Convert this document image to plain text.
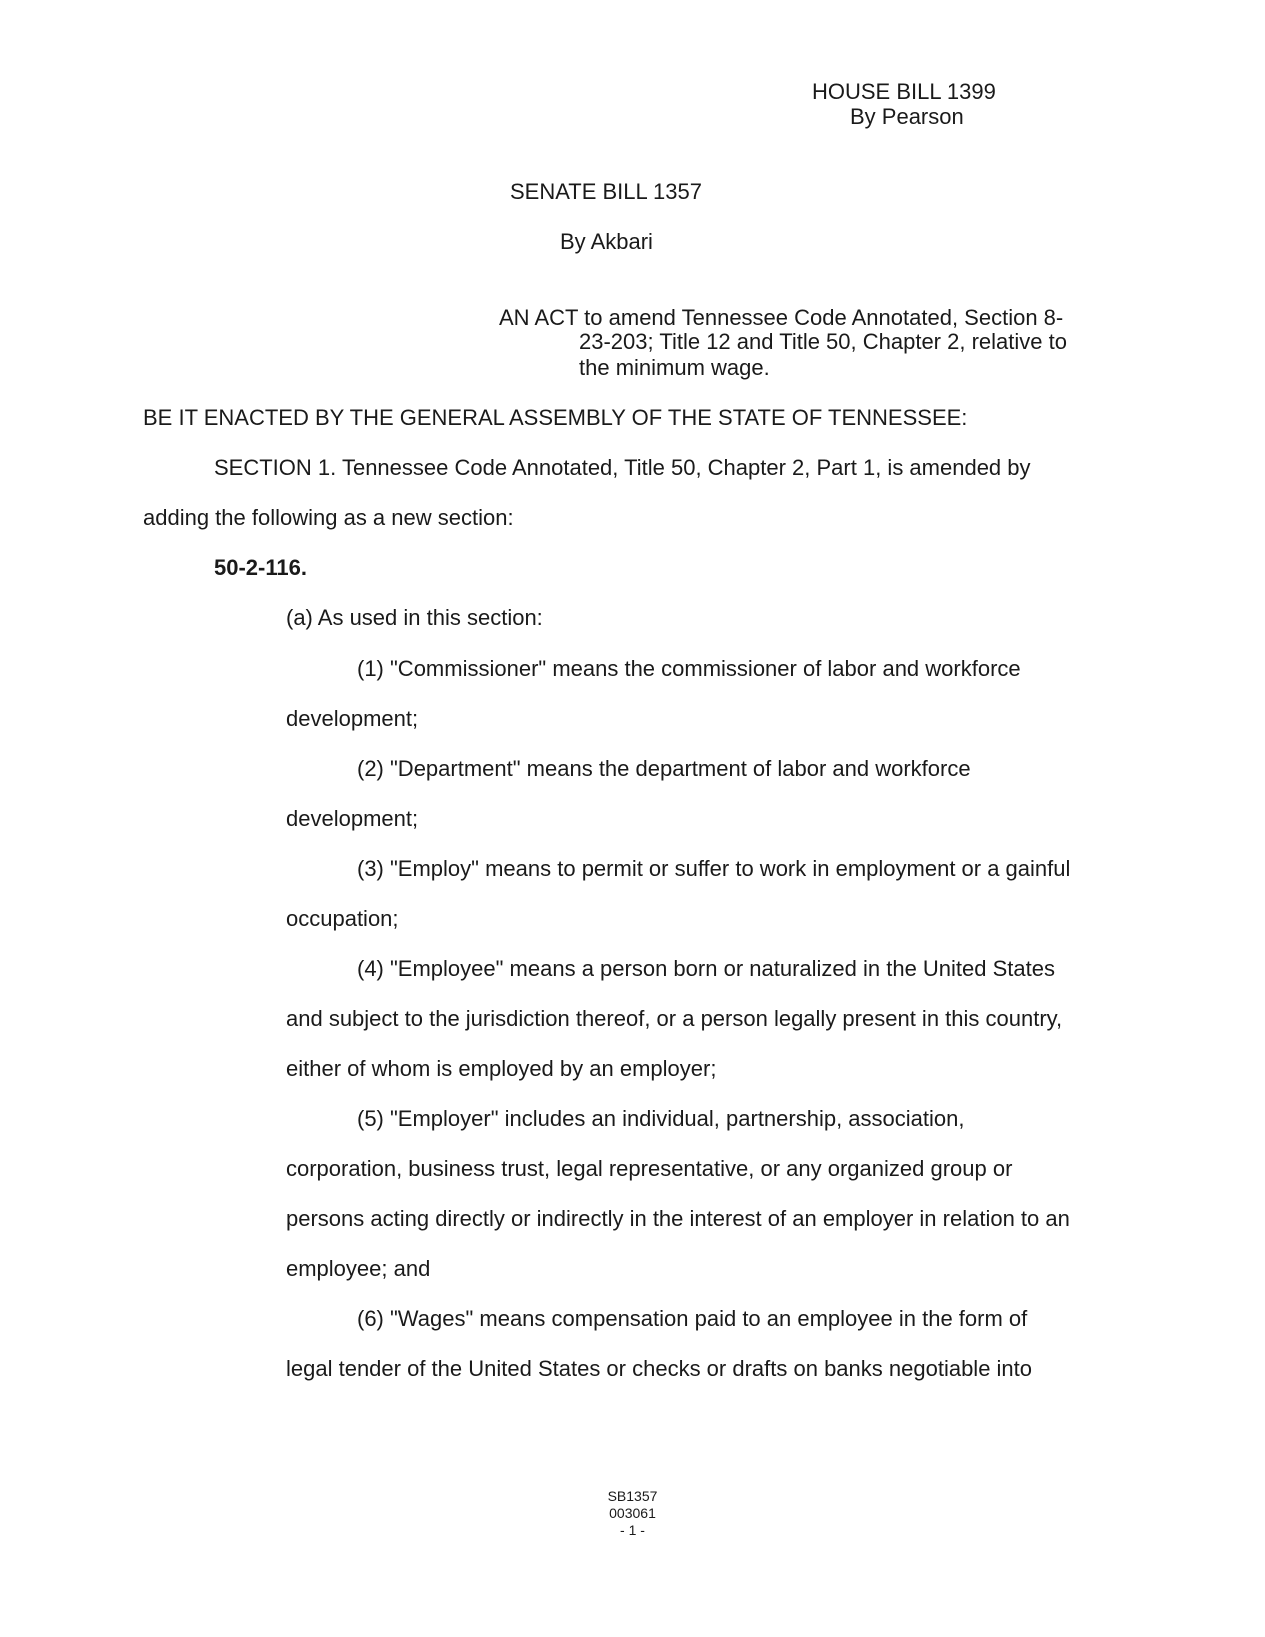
HOUSE BILL 1399
By Pearson
SENATE BILL 1357
By Akbari
AN ACT to amend Tennessee Code Annotated, Section 8-
23-203; Title 12 and Title 50, Chapter 2, relative to
the minimum wage.
BE IT ENACTED BY THE GENERAL ASSEMBLY OF THE STATE OF TENNESSEE:
SECTION 1. Tennessee Code Annotated, Title 50, Chapter 2, Part 1, is amended by
adding the following as a new section:
50-2-116.
(a) As used in this section:
(1) "Commissioner" means the commissioner of labor and workforce
development;
(2) "Department" means the department of labor and workforce
development;
(3) "Employ" means to permit or suffer to work in employment or a gainful
occupation;
(4) "Employee" means a person born or naturalized in the United States
and subject to the jurisdiction thereof, or a person legally present in this country,
either of whom is employed by an employer;
(5) "Employer" includes an individual, partnership, association,
corporation, business trust, legal representative, or any organized group or
persons acting directly or indirectly in the interest of an employer in relation to an
employee; and
(6) "Wages" means compensation paid to an employee in the form of
legal tender of the United States or checks or drafts on banks negotiable into
SB1357
003061
- 1 -
